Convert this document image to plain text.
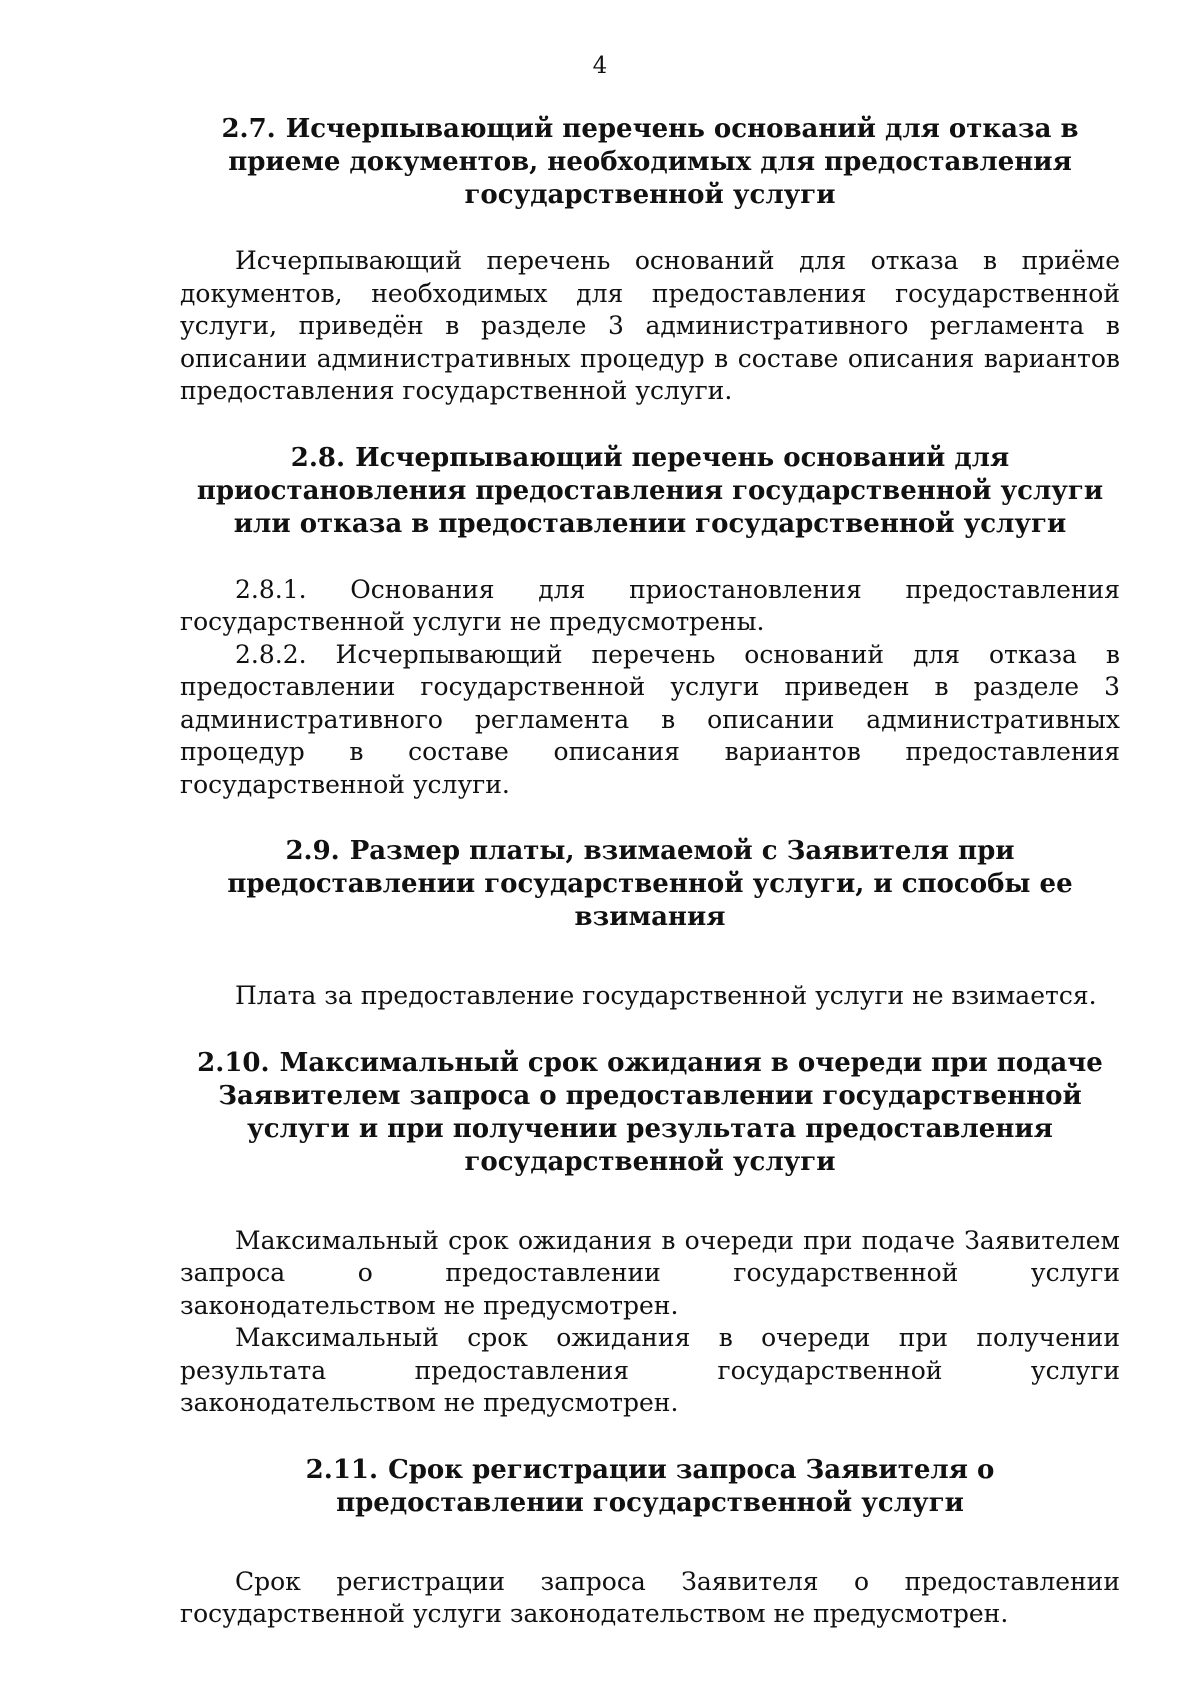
4

2.7. Исчерпывающий перечень оснований для отказа в приеме документов, необходимых для предоставления государственной услуги

Исчерпывающий перечень оснований для отказа в приёме документов, необходимых для предоставления государственной услуги, приведён в разделе 3 административного регламента в описании административных процедур в составе описания вариантов предоставления государственной услуги.

2.8. Исчерпывающий перечень оснований для приостановления предоставления государственной услуги или отказа в предоставлении государственной услуги

2.8.1. Основания для приостановления предоставления государственной услуги не предусмотрены.

2.8.2. Исчерпывающий перечень оснований для отказа в предоставлении государственной услуги приведен в разделе 3 административного регламента в описании административных процедур в составе описания вариантов предоставления государственной услуги.

2.9. Размер платы, взимаемой с Заявителя при предоставлении государственной услуги, и способы ее взимания

Плата за предоставление государственной услуги не взимается.

2.10. Максимальный срок ожидания в очереди при подаче Заявителем запроса о предоставлении государственной услуги и при получении результата предоставления государственной услуги

Максимальный срок ожидания в очереди при подаче Заявителем запроса о предоставлении государственной услуги законодательством не предусмотрен.

Максимальный срок ожидания в очереди при получении результата предоставления государственной услуги законодательством не предусмотрен.

2.11. Срок регистрации запроса Заявителя о предоставлении государственной услуги

Срок регистрации запроса Заявителя о предоставлении государственной услуги законодательством не предусмотрен.
